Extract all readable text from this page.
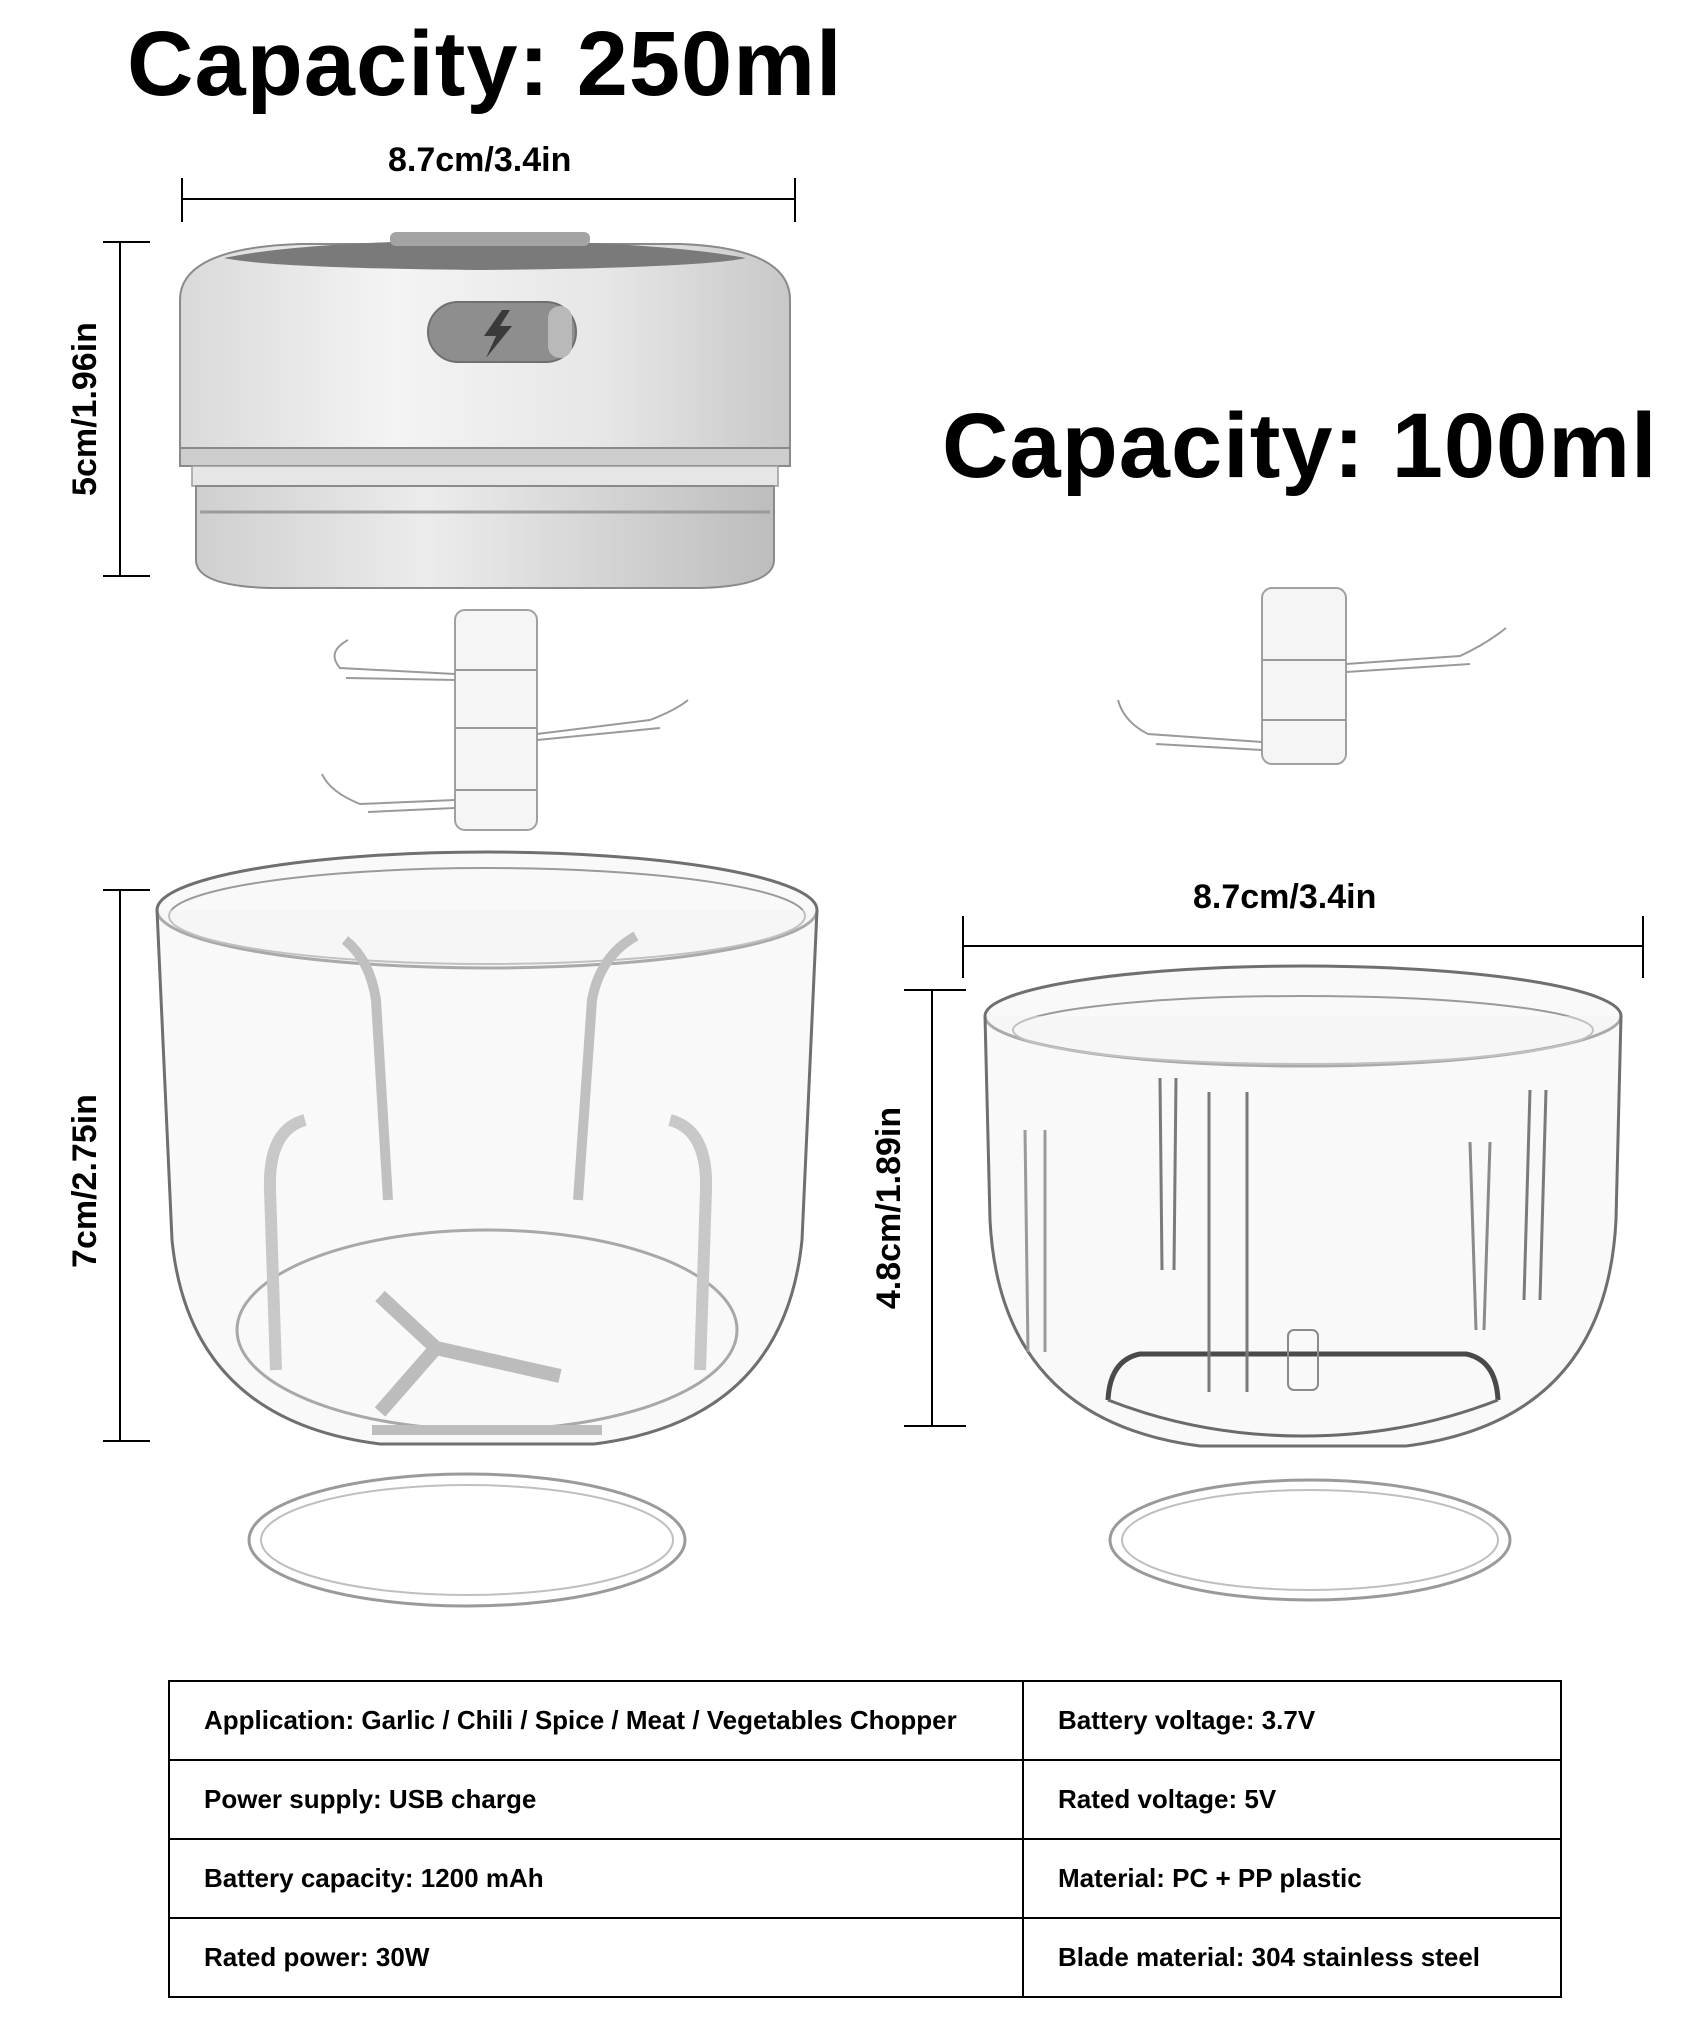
Capacity: 250ml
Capacity: 100ml
8.7cm/3.4in
8.7cm/3.4in
5cm/1.96in
7cm/2.75in	4.8cm/1.89in
Application: Garlic / Chili / Spice / Meat / Vegetables Chopper	Battery voltage: 3.7V
Power supply: USB charge	Rated voltage: 5V
Battery capacity: 1200 mAh	Material: PC + PP plastic
Rated power: 30W	Blade material: 304 stainless steel
